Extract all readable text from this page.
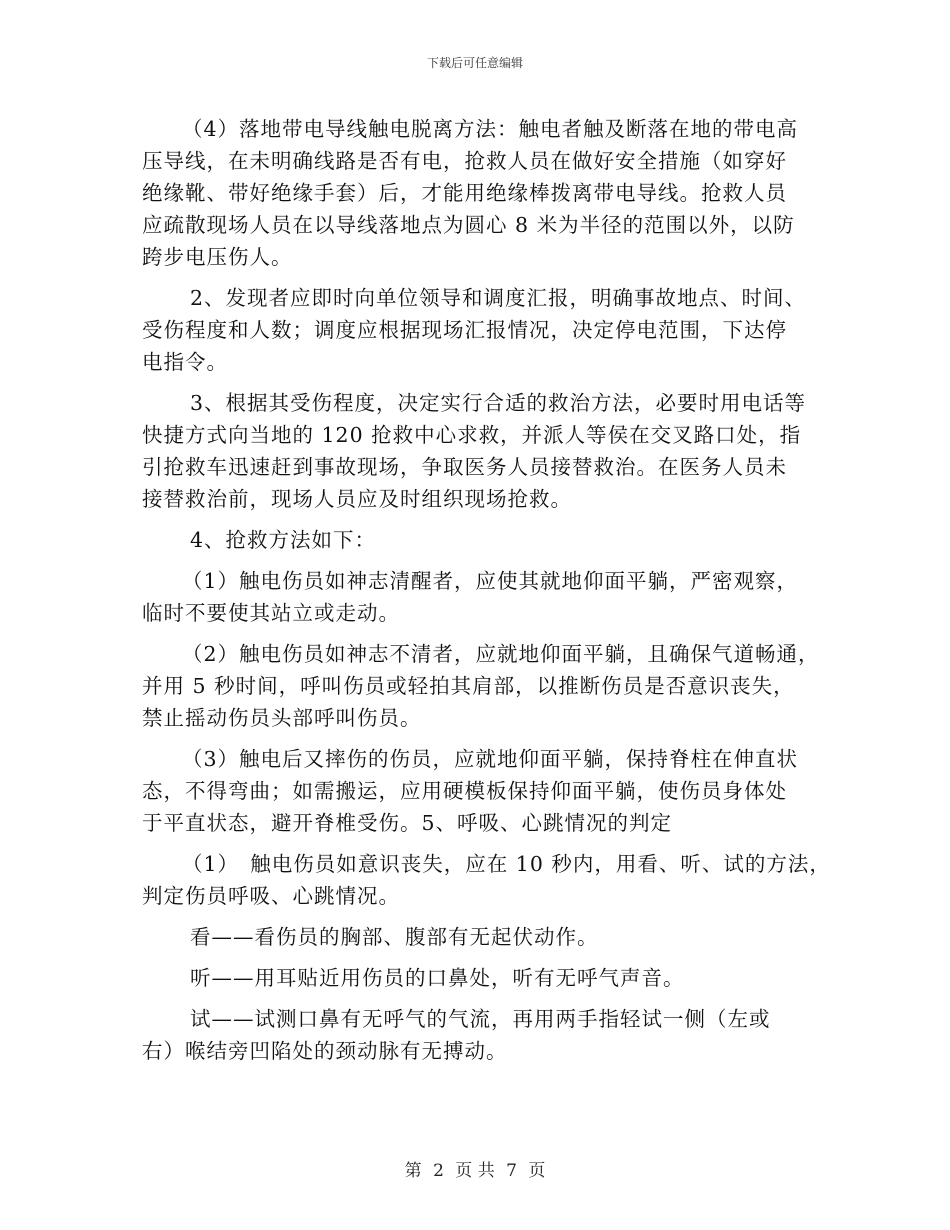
下载后可任意编辑
（4）落地带电导线触电脱离方法：触电者触及断落在地的带电高
压导线，在未明确线路是否有电，抢救人员在做好安全措施（如穿好
绝缘靴、带好绝缘手套）后，才能用绝缘棒拨离带电导线。抢救人员
应疏散现场人员在以导线落地点为圆心 8 米为半径的范围以外，以防
跨步电压伤人。
2、发现者应即时向单位领导和调度汇报，明确事故地点、时间、
受伤程度和人数；调度应根据现场汇报情况，决定停电范围，下达停
电指令。
3、根据其受伤程度，决定实行合适的救治方法，必要时用电话等
快捷方式向当地的 120 抢救中心求救，并派人等侯在交叉路口处，指
引抢救车迅速赶到事故现场，争取医务人员接替救治。在医务人员未
接替救治前，现场人员应及时组织现场抢救。
4、抢救方法如下：
（1）触电伤员如神志清醒者，应使其就地仰面平躺，严密观察，
临时不要使其站立或走动。
（2）触电伤员如神志不清者，应就地仰面平躺，且确保气道畅通，
并用 5 秒时间，呼叫伤员或轻拍其肩部，以推断伤员是否意识丧失，
禁止摇动伤员头部呼叫伤员。
（3）触电后又摔伤的伤员，应就地仰面平躺，保持脊柱在伸直状
态，不得弯曲；如需搬运，应用硬模板保持仰面平躺，使伤员身体处
于平直状态，避开脊椎受伤。5、呼吸、心跳情况的判定
（1）　触电伤员如意识丧失，应在 10 秒内，用看、听、试的方法，
判定伤员呼吸、心跳情况。
看——看伤员的胸部、腹部有无起伏动作。
听——用耳贴近用伤员的口鼻处，听有无呼气声音。
试——试测口鼻有无呼气的气流，再用两手指轻试一侧（左或
右）喉结旁凹陷处的颈动脉有无搏动。
第 2 页 共 7 页
